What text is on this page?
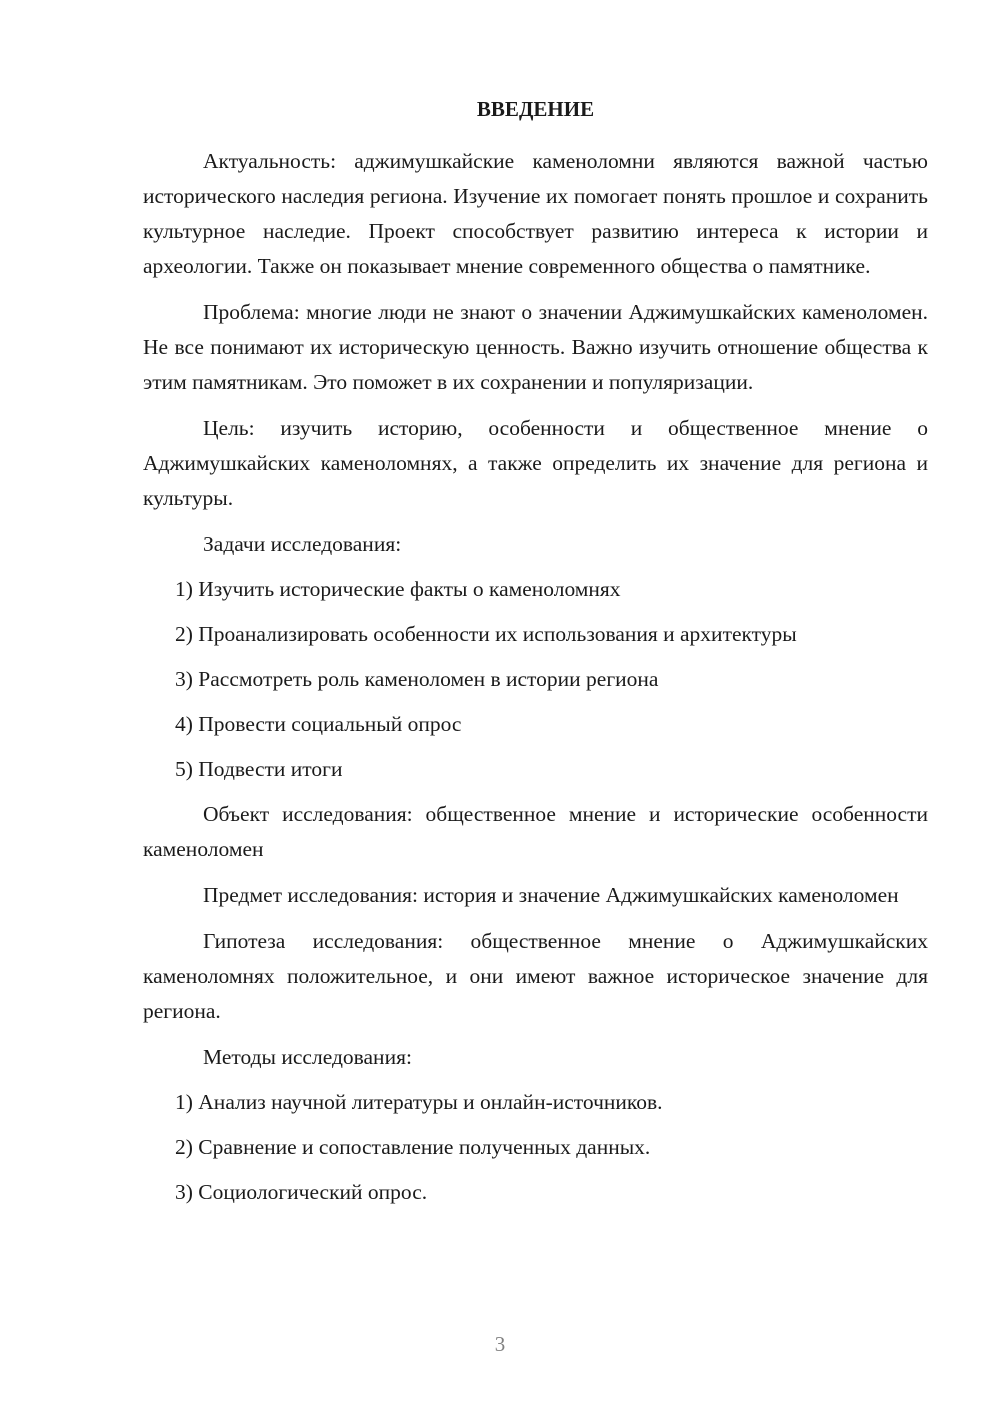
ВВЕДЕНИЕ
Актуальность: аджимушкайские каменоломни являются важной частью исторического наследия региона. Изучение их помогает понять прошлое и сохранить культурное наследие. Проект способствует развитию интереса к истории и археологии. Также он показывает мнение современного общества о памятнике.
Проблема: многие люди не знают о значении Аджимушкайских каменоломен. Не все понимают их историческую ценность. Важно изучить отношение общества к этим памятникам. Это поможет в их сохранении и популяризации.
Цель: изучить историю, особенности и общественное мнение о Аджимушкайских каменоломнях, а также определить их значение для региона и культуры.
Задачи исследования:
1) Изучить исторические факты о каменоломнях
2) Проанализировать особенности их использования и архитектуры
3) Рассмотреть роль каменоломен в истории региона
4) Провести социальный опрос
5) Подвести итоги
Объект исследования: общественное мнение и исторические особенности каменоломен
Предмет исследования: история и значение Аджимушкайских каменоломен
Гипотеза исследования: общественное мнение о Аджимушкайских каменоломнях положительное, и они имеют важное историческое значение для региона.
Методы исследования:
1) Анализ научной литературы и онлайн-источников.
2) Сравнение и сопоставление полученных данных.
3) Социологический опрос.
3
